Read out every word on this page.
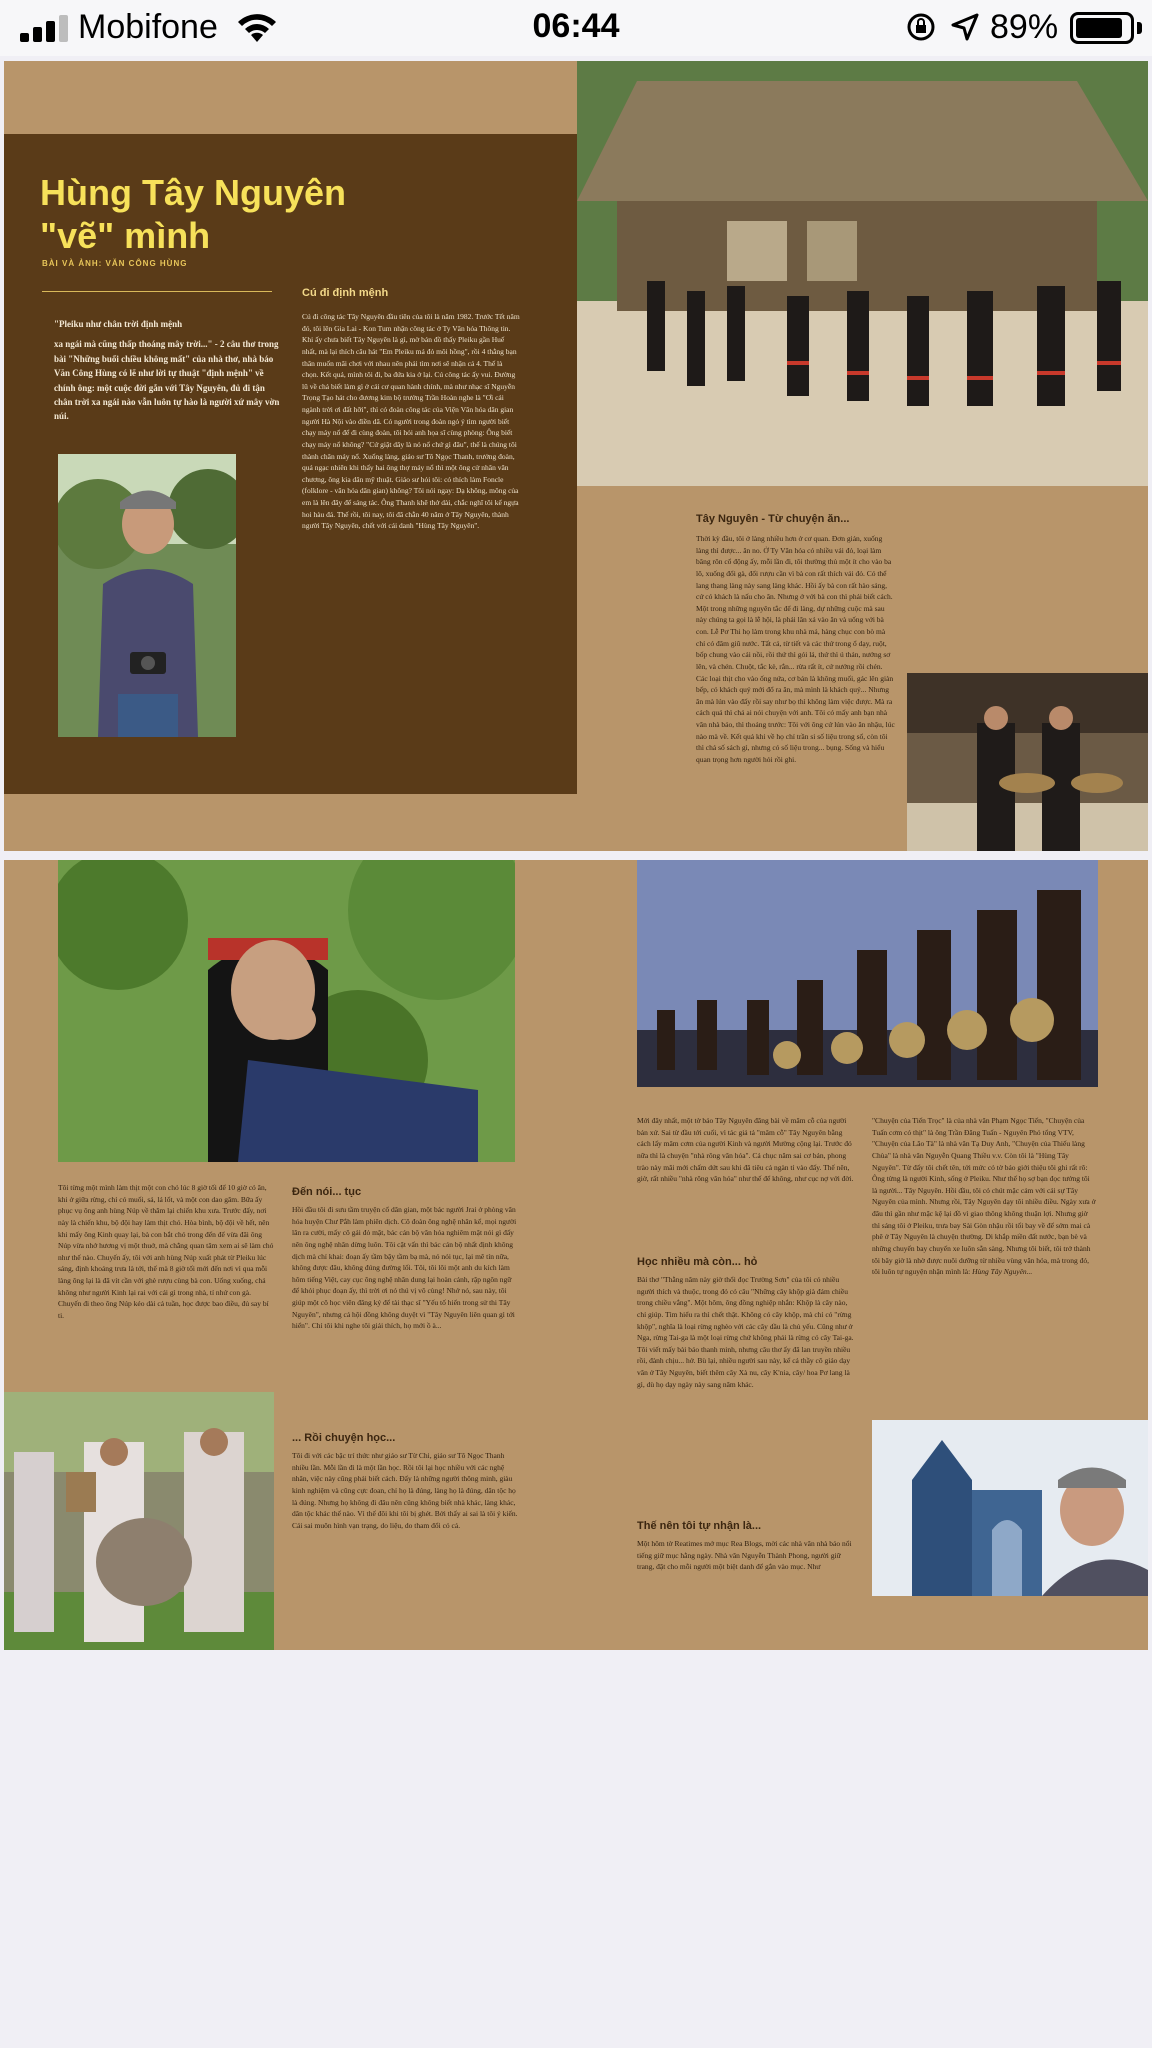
Mobifone	06:44	89%
Hùng Tây Nguyên
"vẽ" mình
BÀI VÀ ẢNH: VĂN CÔNG HÙNG
"Pleiku như chân trời định mệnh
xa ngái mà cũng thấp thoáng mây trời..." - 2 câu thơ trong bài "Những buổi chiều không mất" của nhà thơ, nhà báo Văn Công Hùng có lẽ như lời tự thuật "định mệnh" về chính ông: một cuộc đời gắn với Tây Nguyên, đủ đi tận chân trời xa ngái nào vẫn luôn tự hào là người xứ mây vờn núi.
Cú đi định mệnh
Cú đi công tác Tây Nguyên đầu tiên của tôi là năm 1982. Trước Tết năm đó, tôi lên Gia Lai - Kon Tum nhận công tác ở Ty Văn hóa Thông tin. Khi ấy chưa biết Tây Nguyên là gì, mờ bản đồ thấy Pleiku gần Huế nhất, mà lại thích câu hát "Em Pleiku má đỏ môi hồng", rồi 4 thằng bạn thân muốn mãi chơi với nhau nên phải tìm nơi sẽ nhận cả 4. Thế là chọn. Kết quả, mình tôi đi, ba đứa kia ở lại. Cú công tác ấy vui. Đường lũ về chả biết làm gì ở cái cơ quan hành chính, mà như nhạc sĩ Nguyễn Trọng Tạo hát cho đương kim bộ trưởng Trần Hoàn nghe là "Ơi cái ngành trời ơi đất hỡi", thì có đoàn công tác của Viện Văn hóa dân gian người Hà Nội vào điền dã. Có người trong đoàn ngỏ ý tìm người biết chạy máy nổ để đi cùng đoàn, tôi hỏi anh họa sĩ cùng phòng: Ông biết chạy máy nổ không? "Cứ giật dây là nó nổ chứ gì đâu", thế là chúng tôi thành chân máy nổ. Xuống làng, giáo sư Tô Ngọc Thanh, trưởng đoàn, quá ngạc nhiên khi thấy hai ông thợ máy nổ thì một ông cử nhân văn chương, ông kia dân mỹ thuật. Giáo sư hỏi tôi: có thích làm Foncle (folklore - văn hóa dân gian) không? Tôi nói ngay: Dạ không, mông của em là lên đây để sáng tác. Ông Thanh khẽ thở dài, chắc nghĩ tôi kể ngựa hoi hàu đá. Thế rồi, tôi nay, tôi đã chẵn 40 năm ở Tây Nguyên, thành người Tây Nguyên, chết với cái danh "Hùng Tây Nguyên".
Tây Nguyên - Từ chuyện ăn...
Thời kỳ đầu, tôi ở làng nhiều hơn ở cơ quan. Đơn giản, xuống làng thì được... ăn no. Ở Ty Văn hóa có nhiều vải đỏ, loại làm băng rôn cổ động ấy, mỗi lần đi, tôi thường thủ một ít cho vào ba lô, xuống đổi gà, đổi rượu cần vì bà con rất thích vải đỏ. Có thể lang thang làng này sang làng khác. Hồi ấy bà con rất hào sảng, cứ có khách là nấu cho ăn. Nhưng ở với bà con thì phải biết cách. Một trong những nguyên tắc để đi làng, dự những cuộc mà sau này chúng ta gọi là lễ hội, là phải lăn xả vào ăn và uống với bà con. Lễ Pơ Thi họ làm trong khu nhà mả, hàng chục con bò mà chỉ có đâm giũ nước. Tất cả, từ tiết và các thứ trong ổ dạy, ruột, bốp chung vào cái nồi, rồi thứ thì gói lá, thứ thì ú thán, nướng sơ lên, và chén. Chuột, tắc kè, rắn... rừa rất ít, cứ nướng rồi chén. Các loại thịt cho vào ống nứa, cơ bản là không muối, gác lên giàn bếp, có khách quý mới đổ ra ăn, mà mình là khách quý... Nhưng ăn mà lún vào đấy rồi say như bọ thì không làm việc được. Mà ra cách quá thì chả ai nói chuyện với anh. Tôi có mấy anh bạn nhà văn nhà báo, thì thoảng trước: Tôi với ông cứ lún vào ăn nhậu, lúc nào mà về. Kết quả khi về họ chỉ trần si số liệu trong sổ, còn tôi thì chả số sách gì, nhưng có số liệu trong... bụng. Sống và hiểu quan trọng hơn người hỏi rồi ghi.
Tôi từng một mình làm thịt một con chó lúc 8 giờ tối để 10 giờ có ăn, khi ở giữa rừng, chỉ có muối, sả, lá lốt, và một con dao găm. Bữa ấy phục vụ ông anh hùng Núp về thăm lại chiến khu xưa. Trước đấy, nơi này là chiến khu, bộ đội hay làm thịt chó. Hòa bình, bộ đội về hết, nên khi mấy ông Kinh quay lại, bà con bắt chó trong đến để vừa đãi ông Núp vừa nhớ hương vị một thuở, mà chẳng quan tâm xem ai sẽ làm chó như thế nào. Chuyến ấy, tôi với anh hùng Núp xuất phát từ Pleiku lúc sáng, định khoảng trưa là tới, thế mà 8 giờ tối mới đến nơi vì qua mỗi làng ông lại là đã vít cần với ghè rượu cùng bà con. Uống xuống, chả không như người Kinh lại rai với cái gì trong nhà, tí nhứ con gà. Chuyến đi theo ông Núp kéo dài cả tuần, học được bao điều, đủ say bí ti.
Đến nói... tục
Hồi đầu tôi đi sưu tầm truyện cổ dân gian, một bác người Jrai ở phòng văn hóa huyện Chư Pắh làm phiên dịch. Cô đoàn ông nghệ nhân kể, mọi người lăn ra cười, mấy cô gái đỏ mặt, bác cán bộ văn hóa nghiêm mặt nói gì đấy nên ông nghệ nhân dừng luôn. Tôi cặt vấn thì bác cán bộ nhất định không dịch mà chỉ khai: đoạn ấy tầm bậy tầm bạ mà, nó nói tục, lại mê tín nữa, không được đâu, không đúng đường lối. Tôi, tôi lôi một anh du kích làm hôm tiếng Việt, cay cục ông nghệ nhân dung lại hoàn cảnh, rặp ngôn ngữ để khỏi phục đoạn ấy, thì trời ơi nó thú vị vô cùng! Nhớ nó, sau này, tôi giúp một cô học viên đăng ký để tài thạc sĩ "Yếu tố hiển trong sử thi Tây Nguyên", nhưng cả hội đồng không duyệt vì "Tây Nguyên liên quan gì tới hiển". Chỉ tôi khi nghe tôi giải thích, họ mới ồ à...
... Rồi chuyện học...
Tôi đi với các bậc trí thức như giáo sư Từ Chi, giáo sư Tô Ngọc Thanh nhiều lần. Mỗi lần đi là một lần học. Rồi tôi lại học nhiều với các nghệ nhân, việc này cũng phải biết cách. Đấy là những người thông minh, giàu kinh nghiệm và cũng cực đoan, chỉ họ là đúng, làng họ là đúng, dân tộc họ là đúng. Nhưng họ không đi đâu nên cũng không biết nhà khác, làng khác, dân tộc khác thế nào. Vì thế đôi khi tôi bị ghét. Bởi thấy ai sai là tôi ý kiến. Cái sai muôn hình vạn trạng, do liệu, do tham đổi có cả.
Mới đây nhất, một tờ báo Tây Nguyên đăng bài về mâm cỗ của người bản xứ. Sai từ đầu tới cuối, vì tác giả tả "mâm cỗ" Tây Nguyên bằng cách lấy mâm cơm của người Kinh và người Mường cộng lại. Trước đó nữa thì là chuyện "nhà rông văn hóa". Cả chục năm sai cơ bản, phong trào này mãi mới chấm dứt sau khi đã tiêu cả ngàn tỉ vào đấy. Thế nên, giờ, rất nhiều "nhà rông văn hóa" như thế để không, như cục nợ với đời.
Học nhiều mà còn... hỏ
Bài thơ "Thằng năm này giờ thổi đọc Trường Sơn" của tôi có nhiều người thích và thuộc, trong đó có câu "Những cây khộp già đám chiều trong chiều vắng". Một hôm, ông đồng nghiệp nhắn: Khộp là cây nào, chỉ giúp. Tìm hiểu ra thì chết thật. Không có cây khộp, mà chỉ có "rừng khộp", nghĩa là loại rừng nghèo với các cây dầu là chủ yếu. Cũng như ở Nga, rừng Tai-ga là một loại rừng chứ không phải là rừng có cây Tai-ga. Tôi viết mấy bài báo thanh minh, nhưng câu thơ ấy đã lan truyền nhiều rồi, đành chịu... hở. Bù lại, nhiều người sau này, kể cả thầy cô giáo dạy văn ở Tây Nguyên, biết thêm cây Xà nu, cây K'nia, cây/ hoa Pơ lang là gì, dù họ dạy ngày này sang năm khác.
Thế nên tôi tự nhận là...
Một hôm tờ Reatimes mở mục Rea Blogs, mời các nhà văn nhà báo nổi tiếng giữ mục hằng ngày. Nhà văn Nguyễn Thành Phong, người giữ trang, đặt cho mỗi người một biệt danh để gắn vào mục. Như
"Chuyện của Tiến Trọc" là của nhà văn Phạm Ngọc Tiến, "Chuyện của Tuấn cơm có thịt" là ông Trần Đăng Tuấn - Nguyên Phó tổng VTV, "Chuyện của Lão Tà" là nhà văn Tạ Duy Anh, "Chuyện của Thiếu làng Chùa" là nhà văn Nguyễn Quang Thiều v.v. Còn tôi là "Hùng Tây Nguyên". Từ đấy tôi chết tên, tới mức có tờ báo giới thiệu tôi ghi rất rõ: Ông từng là người Kinh, sống ở Pleiku. Như thế họ sợ bạn đọc tưởng tôi là người... Tây Nguyên. Hồi đầu, tôi có chút mặc cảm với cái sự Tây Nguyên của mình. Nhưng rồi, Tây Nguyên dạy tôi nhiều điều. Ngày xưa ở đâu thì gần như mặc kệ lại đồ vì giao thông không thuận lợi. Nhưng giờ thì sáng tôi ở Pleiku, trưa bay Sài Gòn nhậu rồi tối bay về để sớm mai cà phê ở Tây Nguyên là chuyện thường. Di khắp miền đất nước, bạn bè và những chuyến bay chuyến xe luôn sẵn sàng. Nhưng tôi biết, tôi trở thành tôi bây giờ là nhờ được nuôi dưỡng từ nhiều vùng văn hóa, mà trong đó, tôi luôn tự nguyện nhận mình là: Hùng Tây Nguyên...
